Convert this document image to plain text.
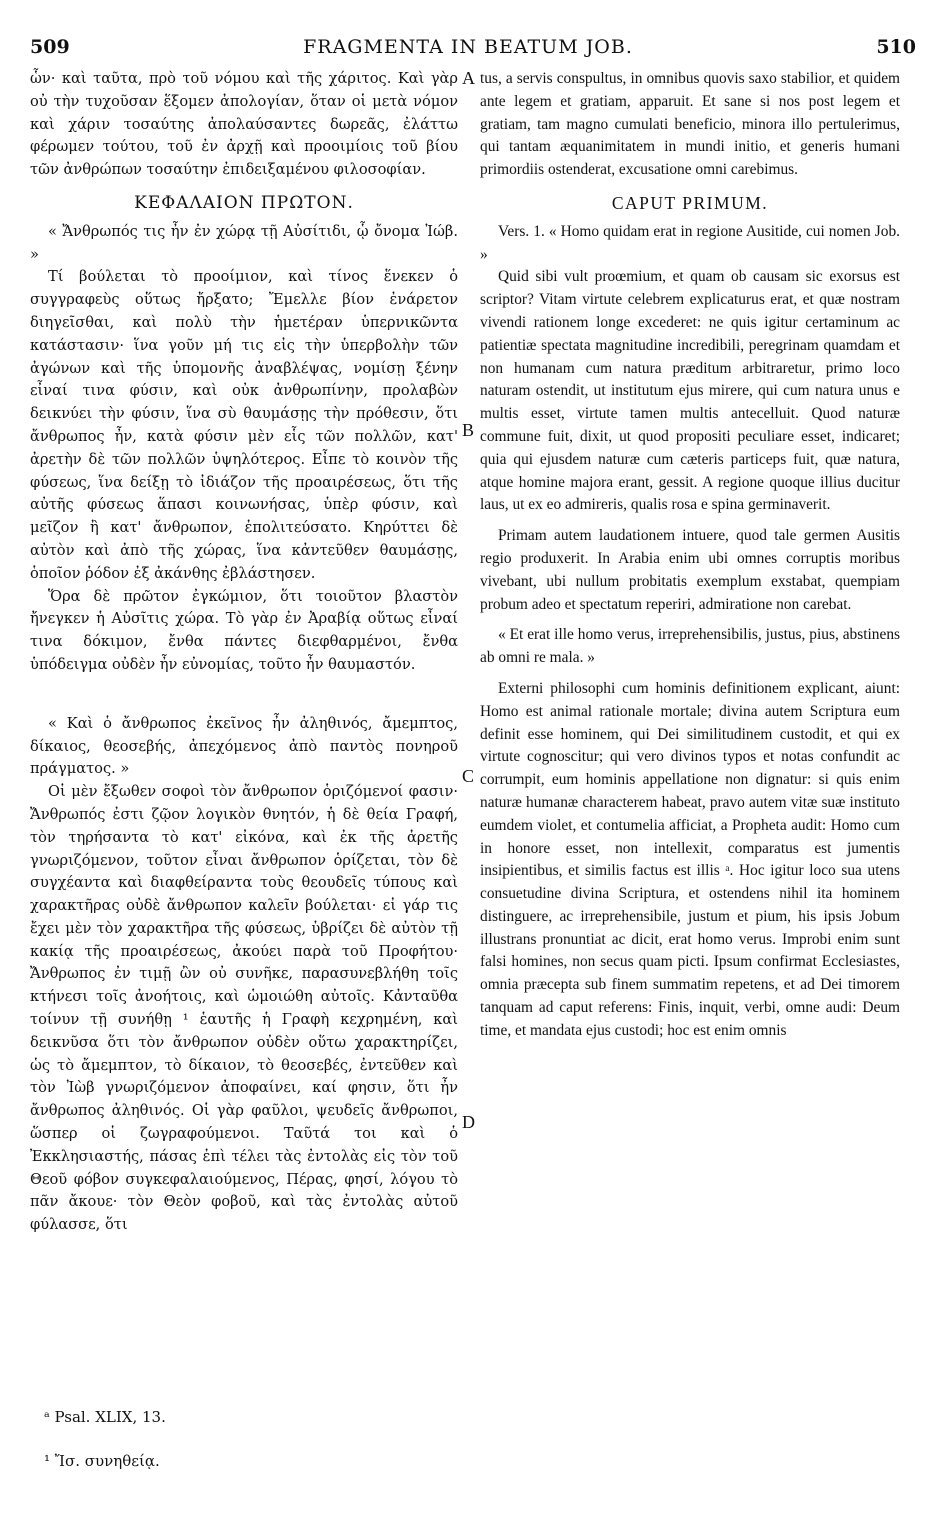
509	FRAGMENTA IN BEATUM JOB.	510

ὧν· καὶ ταῦτα, πρὸ τοῦ νόμου καὶ τῆς χάριτος. Καὶ γὰρ οὐ τὴν τυχοῦσαν ἕξομεν ἀπολογίαν, ὅταν οἱ μετὰ νόμον καὶ χάριν τοσαύτης ἀπολαύσαντες δωρεᾶς, ἐλάττω φέρωμεν τούτου, τοῦ ἐν ἀρχῇ καὶ προοιμίοις τοῦ βίου τῶν ἀνθρώπων τοσαύτην ἐπιδειξαμένου φιλοσοφίαν.

ΚΕΦΑΛΑΙΟΝ ΠΡΩΤΟΝ.

« Ἄνθρωπός τις ἦν ἐν χώρᾳ τῇ Αὐσίτιδι, ᾧ ὄνομα Ἰώβ. »

Τί βούλεται τὸ προοίμιον, καὶ τίνος ἕνεκεν ὁ συγγραφεὺς οὕτως ἤρξατο; Ἔμελλε βίον ἐνάρετον διηγεῖσθαι, καὶ πολὺ τὴν ἡμετέραν ὑπερνικῶντα κατάστασιν· ἵνα γοῦν μή τις εἰς τὴν ὑπερβολὴν τῶν ἀγώνων καὶ τῆς ὑπομονῆς ἀναβλέψας, νομίσῃ ξένην εἶναί τινα φύσιν, καὶ οὐκ ἀνθρωπίνην, προλαβὼν δεικνύει τὴν φύσιν, ἵνα σὺ θαυμάσῃς τὴν πρόθεσιν, ὅτι ἄνθρωπος ἦν, κατὰ φύσιν μὲν εἷς τῶν πολλῶν, κατ' ἀρετὴν δὲ τῶν πολλῶν ὑψηλότερος. Εἶπε τὸ κοινὸν τῆς φύσεως, ἵνα δείξῃ τὸ ἰδιάζον τῆς προαιρέσεως, ὅτι τῆς αὐτῆς φύσεως ἅπασι κοινωνήσας, ὑπὲρ φύσιν, καὶ μεῖζον ἢ κατ' ἄνθρωπον, ἐπολιτεύσατο. Κηρύττει δὲ αὐτὸν καὶ ἀπὸ τῆς χώρας, ἵνα κἀντεῦθεν θαυμάσῃς, ὁποῖον ῥόδον ἐξ ἀκάνθης ἐβλάστησεν.

Ὅρα δὲ πρῶτον ἐγκώμιον, ὅτι τοιοῦτον βλαστὸν ἤνεγκεν ἡ Αὐσῖτις χώρα. Τὸ γὰρ ἐν Ἀραβίᾳ οὕτως εἶναί τινα δόκιμον, ἔνθα πάντες διεφθαρμένοι, ἔνθα ὑπόδειγμα οὐδὲν ἦν εὐνομίας, τοῦτο ἦν θαυμαστόν.

« Καὶ ὁ ἄνθρωπος ἐκεῖνος ἦν ἀληθινός, ἄμεμπτος, δίκαιος, θεοσεβής, ἀπεχόμενος ἀπὸ παντὸς πονηροῦ πράγματος. »

Οἱ μὲν ἔξωθεν σοφοὶ τὸν ἄνθρωπον ὁριζόμενοί φασιν· Ἄνθρωπός ἐστι ζῷον λογικὸν θνητόν, ἡ δὲ θεία Γραφή, τὸν τηρήσαντα τὸ κατ' εἰκόνα, καὶ ἐκ τῆς ἀρετῆς γνωριζόμενον, τοῦτον εἶναι ἄνθρωπον ὁρίζεται, τὸν δὲ συγχέαντα καὶ διαφθείραντα τοὺς θεουδεῖς τύπους καὶ χαρακτῆρας οὐδὲ ἄνθρωπον καλεῖν βούλεται· εἰ γάρ τις ἔχει μὲν τὸν χαρακτῆρα τῆς φύσεως, ὑβρίζει δὲ αὐτὸν τῇ κακίᾳ τῆς προαιρέσεως, ἀκούει παρὰ τοῦ Προφήτου· Ἄνθρωπος ἐν τιμῇ ὢν οὐ συνῆκε, παρασυνεβλήθη τοῖς κτήνεσι τοῖς ἀνοήτοις, καὶ ὡμοιώθη αὐτοῖς. Κἀνταῦθα τοίνυν τῇ συνήθῃ ¹ ἑαυτῆς ἡ Γραφὴ κεχρημένη, καὶ δεικνῦσα ὅτι τὸν ἄνθρωπον οὐδὲν οὕτω χαρακτηρίζει, ὡς τὸ ἄμεμπτον, τὸ δίκαιον, τὸ θεοσεβές, ἐντεῦθεν καὶ τὸν Ἰὼβ γνωριζόμενον ἀποφαίνει, καί φησιν, ὅτι ἦν ἄνθρωπος ἀληθινός. Οἱ γὰρ φαῦλοι, ψευδεῖς ἄνθρωποι, ὥσπερ οἱ ζωγραφούμενοι. Ταῦτά τοι καὶ ὁ Ἐκκλησιαστής, πάσας ἐπὶ τέλει τὰς ἐντολὰς εἰς τὸν τοῦ Θεοῦ φόβον συγκεφαλαιούμενος, Πέρας, φησί, λόγου τὸ πᾶν ἄκουε· τὸν Θεὸν φοβοῦ, καὶ τὰς ἐντολὰς αὐτοῦ φύλασσε, ὅτι

tus, a servis conspultus, in omnibus quovis saxo stabilior, et quidem ante legem et gratiam, apparuit. Et sane si nos post legem et gratiam, tam magno cumulati beneficio, minora illo pertulerimus, qui tantam æquanimitatem in mundi initio, et generis humani primordiis ostenderat, excusatione omni carebimus.

CAPUT PRIMUM.

Vers. 1. « Homo quidam erat in regione Ausitide, cui nomen Job. »

Quid sibi vult proœmium, et quam ob causam sic exorsus est scriptor? Vitam virtute celebrem explicaturus erat, et quæ nostram vivendi rationem longe excederet: ne quis igitur certaminum ac patientiæ spectata magnitudine incredibili, peregrinam quamdam et non humanam cum natura præditum arbitraretur, primo loco naturam ostendit, ut institutum ejus mirere, qui cum natura unus e multis esset, virtute tamen multis antecelluit. Quod naturæ commune fuit, dixit, ut quod propositi peculiare esset, indicaret; quia qui ejusdem naturæ cum cæteris particeps fuit, quæ natura, atque homine majora erant, gessit. A regione quoque illius ducitur laus, ut ex eo admireris, qualis rosa e spina germinaverit.

Primam autem laudationem intuere, quod tale germen Ausitis regio produxerit. In Arabia enim ubi omnes corruptis moribus vivebant, ubi nullum probitatis exemplum exstabat, quempiam probum adeo et spectatum reperiri, admiratione non carebat.

« Et erat ille homo verus, irreprehensibilis, justus, pius, abstinens ab omni re mala. »

Externi philosophi cum hominis definitionem explicant, aiunt: Homo est animal rationale mortale; divina autem Scriptura eum definit esse hominem, qui Dei similitudinem custodit, et qui ex virtute cognoscitur; qui vero divinos typos et notas confundit ac corrumpit, eum hominis appellatione non dignatur: si quis enim naturæ humanæ characterem habeat, pravo autem vitæ suæ instituto eumdem violet, et contumelia afficiat, a Propheta audit: Homo cum in honore esset, non intellexit, comparatus est jumentis insipientibus, et similis factus est illis ᵃ. Hoc igitur loco sua utens consuetudine divina Scriptura, et ostendens nihil ita hominem distinguere, ac irreprehensibile, justum et pium, his ipsis Jobum illustrans pronuntiat ac dicit, erat homo verus. Improbi enim sunt falsi homines, non secus quam picti. Ipsum confirmat Ecclesiastes, omnia præcepta sub finem summatim repetens, et ad Dei timorem tanquam ad caput referens: Finis, inquit, verbi, omne audi: Deum time, et mandata ejus custodi; hoc est enim omnis

A
B
C
D
ᵃ Psal. XLIX, 13.
¹ Ἴσ. συνηθείᾳ.
